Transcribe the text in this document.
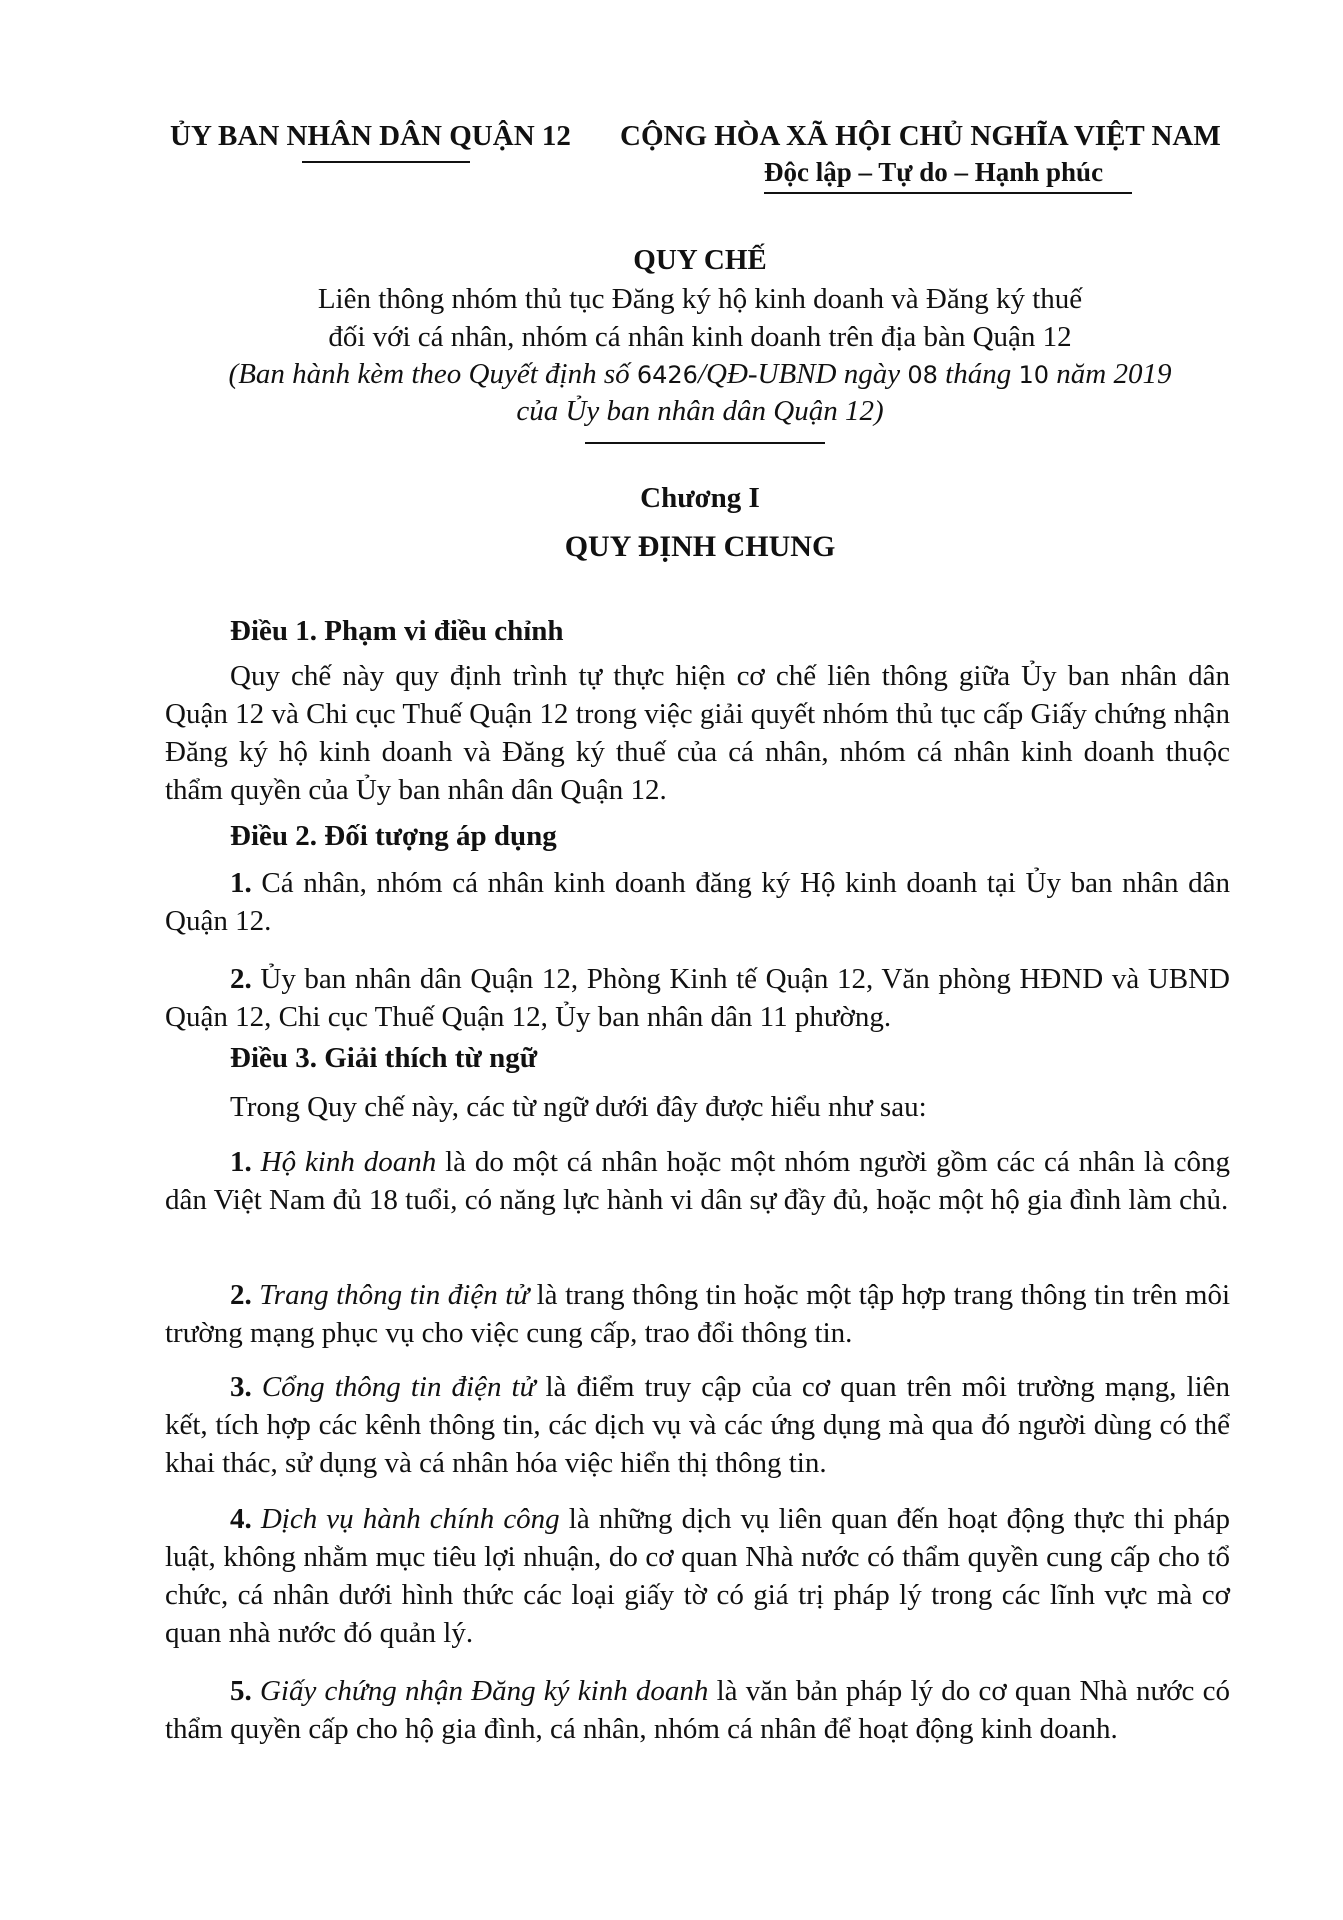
ỦY BAN NHÂN DÂN QUẬN 12 CỘNG HÒA XÃ HỘI CHỦ NGHĨA VIỆT NAM
Độc lập – Tự do – Hạnh phúc
QUY CHẾ
Liên thông nhóm thủ tục Đăng ký hộ kinh doanh và Đăng ký thuế
đối với cá nhân, nhóm cá nhân kinh doanh trên địa bàn Quận 12
(Ban hành kèm theo Quyết định số 6426/QĐ-UBND ngày 08 tháng 10 năm 2019
của Ủy ban nhân dân Quận 12)
Chương I
QUY ĐỊNH CHUNG
Điều 1. Phạm vi điều chỉnh
Quy chế này quy định trình tự thực hiện cơ chế liên thông giữa Ủy ban nhân dân Quận 12 và Chi cục Thuế Quận 12 trong việc giải quyết nhóm thủ tục cấp Giấy chứng nhận Đăng ký hộ kinh doanh và Đăng ký thuế của cá nhân, nhóm cá nhân kinh doanh thuộc thẩm quyền của Ủy ban nhân dân Quận 12.
Điều 2. Đối tượng áp dụng
1. Cá nhân, nhóm cá nhân kinh doanh đăng ký Hộ kinh doanh tại Ủy ban nhân dân Quận 12.
2. Ủy ban nhân dân Quận 12, Phòng Kinh tế Quận 12, Văn phòng HĐND và UBND Quận 12, Chi cục Thuế Quận 12, Ủy ban nhân dân 11 phường.
Điều 3. Giải thích từ ngữ
Trong Quy chế này, các từ ngữ dưới đây được hiểu như sau:
1. Hộ kinh doanh là do một cá nhân hoặc một nhóm người gồm các cá nhân là công dân Việt Nam đủ 18 tuổi, có năng lực hành vi dân sự đầy đủ, hoặc một hộ gia đình làm chủ.
2. Trang thông tin điện tử là trang thông tin hoặc một tập hợp trang thông tin trên môi trường mạng phục vụ cho việc cung cấp, trao đổi thông tin.
3. Cổng thông tin điện tử là điểm truy cập của cơ quan trên môi trường mạng, liên kết, tích hợp các kênh thông tin, các dịch vụ và các ứng dụng mà qua đó người dùng có thể khai thác, sử dụng và cá nhân hóa việc hiển thị thông tin.
4. Dịch vụ hành chính công là những dịch vụ liên quan đến hoạt động thực thi pháp luật, không nhằm mục tiêu lợi nhuận, do cơ quan Nhà nước có thẩm quyền cung cấp cho tổ chức, cá nhân dưới hình thức các loại giấy tờ có giá trị pháp lý trong các lĩnh vực mà cơ quan nhà nước đó quản lý.
5. Giấy chứng nhận Đăng ký kinh doanh là văn bản pháp lý do cơ quan Nhà nước có thẩm quyền cấp cho hộ gia đình, cá nhân, nhóm cá nhân để hoạt động kinh doanh.
